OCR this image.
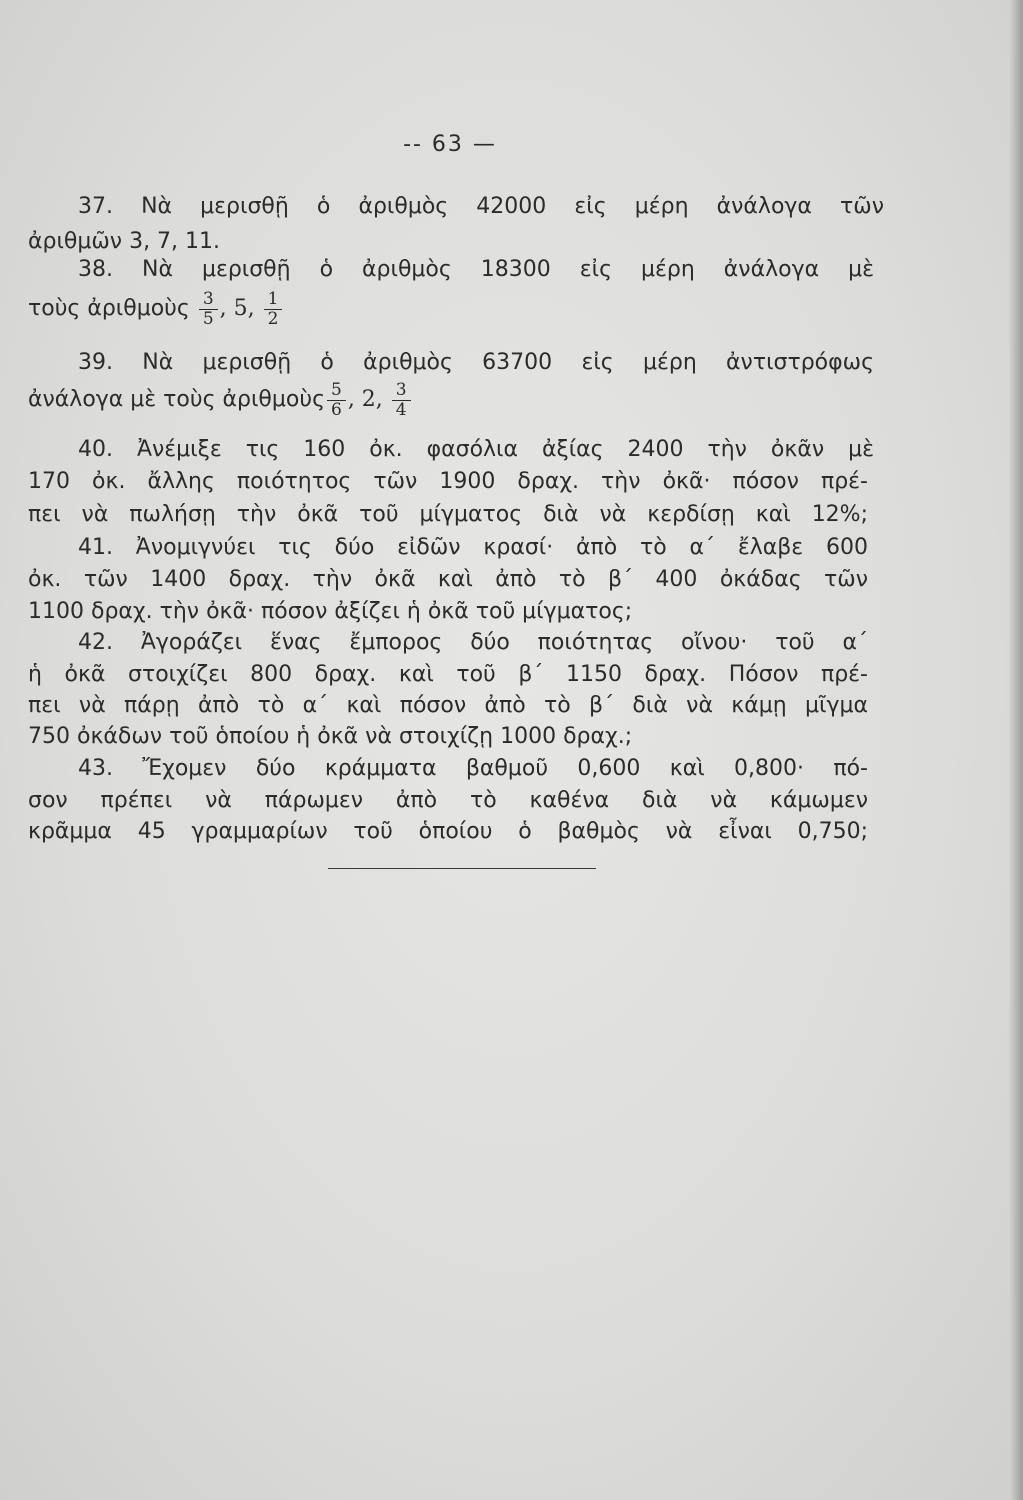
-- 63 —
37. Νὰ μερισθῇ ὁ ἀριθμὸς 42000 εἰς μέρη ἀνάλογα τῶν
ἀριθμῶν 3, 7, 11.
38. Νὰ μερισθῇ ὁ ἀριθμὸς 18300 εἰς μέρη ἀνάλογα μὲ
τοὺς ἀριθμοὺς $\frac{3}{5}$ , 5, $\frac{1}{2}$
39. Νὰ μερισθῇ ὁ ἀριθμὸς 63700 εἰς μέρη ἀντιστρόφως
ἀνάλογα μὲ τοὺς ἀριθμοὺς $\frac{5}{6}$ , 2, $\frac{3}{4}$
40. Ἀνέμιξε τις 160 ὀκ. φασόλια ἀξίας 2400 τὴν ὀκᾶν μὲ
170 ὀκ. ἄλλης ποιότητος τῶν 1900 δραχ. τὴν ὀκᾶ· πόσον πρέ-
πει νὰ πωλήσῃ τὴν ὀκᾶ τοῦ μίγματος διὰ νὰ κερδίσῃ καὶ 12%;
41. Ἀνομιγνύει τις δύο εἰδῶν κρασί· ἀπὸ τὸ α΄ ἔλαβε 600
ὀκ. τῶν 1400 δραχ. τὴν ὀκᾶ καὶ ἀπὸ τὸ β΄ 400 ὀκάδας τῶν
1100 δραχ. τὴν ὀκᾶ· πόσον ἀξίζει ἡ ὀκᾶ τοῦ μίγματος;
42. Ἀγοράζει ἕνας ἔμπορος δύο ποιότητας οἴνου· τοῦ α΄
ἡ ὀκᾶ στοιχίζει 800 δραχ. καὶ τοῦ β΄ 1150 δραχ. Πόσον πρέ-
πει νὰ πάρῃ ἀπὸ τὸ α΄ καὶ πόσον ἀπὸ τὸ β΄ διὰ νὰ κάμῃ μῖγμα
750 ὀκάδων τοῦ ὁποίου ἡ ὀκᾶ νὰ στοιχίζῃ 1000 δραχ.;
43. Ἔχομεν δύο κράμματα βαθμοῦ 0,600 καὶ 0,800· πό-
σον πρέπει νὰ πάρωμεν ἀπὸ τὸ καθένα διὰ νὰ κάμωμεν
κρᾶμμα 45 γραμμαρίων τοῦ ὁποίου ὁ βαθμὸς νὰ εἶναι 0,750;
